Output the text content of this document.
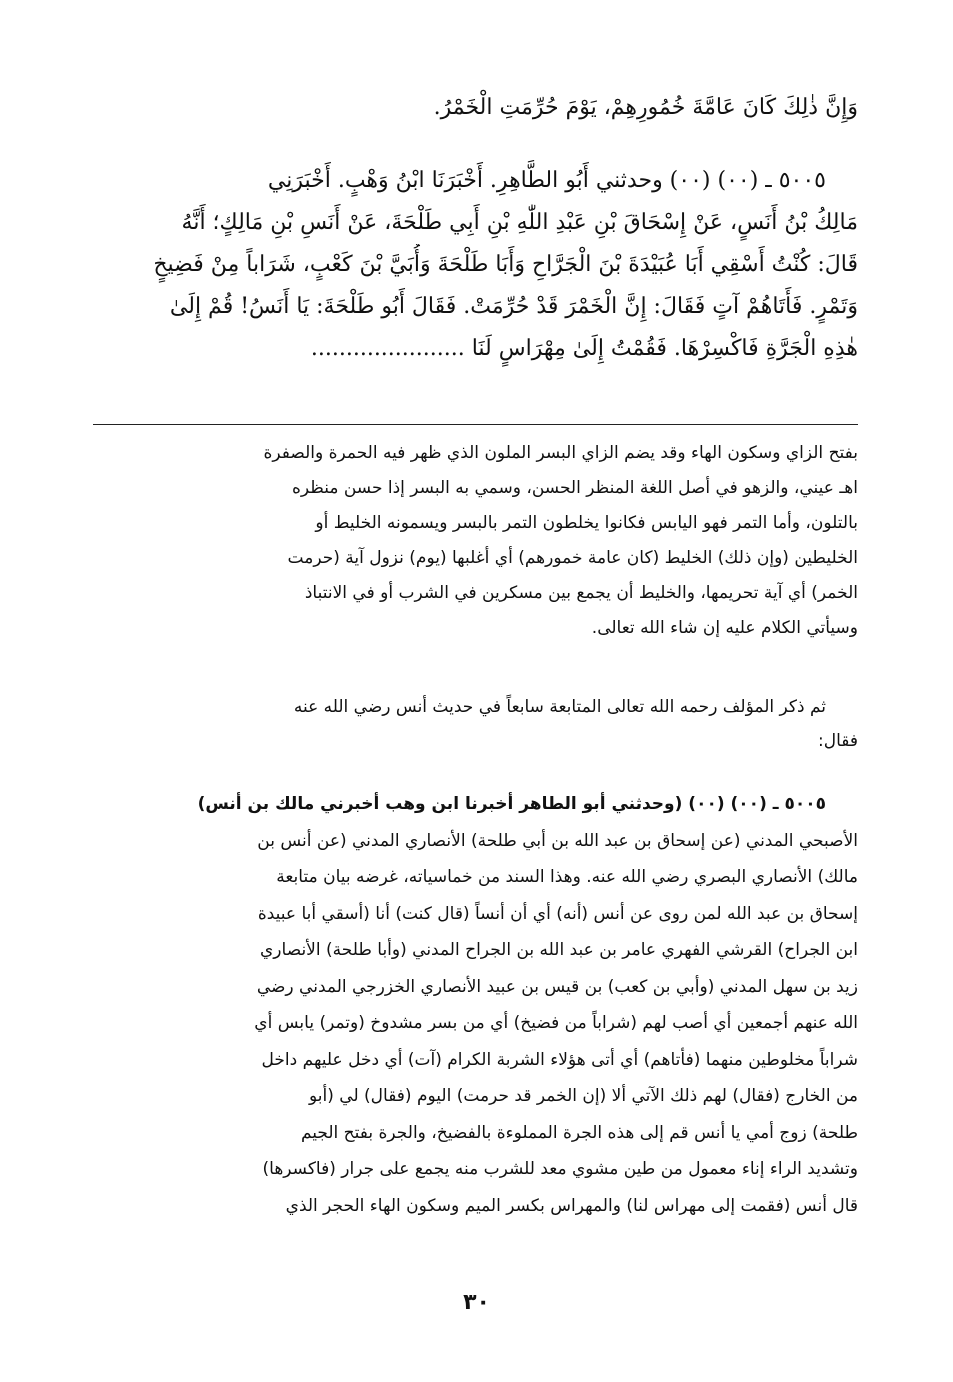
وَإِنَّ ذٰلِكَ كَانَ عَامَّةَ خُمُورِهِمْ، يَوْمَ حُرِّمَتِ الْخَمْرُ.
٥٠٠٥ ـ (٠٠) (٠٠) وحدثني أَبُو الطَّاهِرِ. أَخْبَرَنَا ابْنُ وَهْبٍ. أَخْبَرَنِي
مَالِكُ بْنُ أَنَسٍ، عَنْ إِسْحَاقَ بْنِ عَبْدِ اللّٰهِ بْنِ أَبِي طَلْحَةَ، عَنْ أَنَسِ بْنِ مَالِكٍ؛ أَنَّهُ
قَالَ: كُنْتُ أَسْقِي أَبَا عُبَيْدَةَ بْنَ الْجَرَّاحِ وَأَبَا طَلْحَةَ وَأُبَيَّ بْنَ كَعْبٍ، شَرَاباً مِنْ فَضِيخٍ
وَتَمْرٍ. فَأَتَاهُمْ آتٍ فَقَالَ: إِنَّ الْخَمْرَ قَدْ حُرِّمَتْ. فَقَالَ أَبُو طَلْحَةَ: يَا أَنَسُ! قُمْ إِلَىٰ
هٰذِهِ الْجَرَّةِ فَاكْسِرْهَا. فَقُمْتُ إِلَىٰ مِهْرَاسٍ لَنَا ......................
بفتح الزاي وسكون الهاء وقد يضم الزاي البسر الملون الذي ظهر فيه الحمرة والصفرة
اهـ عيني، والزهو في أصل اللغة المنظر الحسن، وسمي به البسر إذا حسن منظره
بالتلون، وأما التمر فهو اليابس فكانوا يخلطون التمر بالبسر ويسمونه الخليط أو
الخليطين (وإن ذلك) الخليط (كان عامة خمورهم) أي أغلبها (يوم) نزول آية (حرمت
الخمر) أي آية تحريمها، والخليط أن يجمع بين مسكرين في الشرب أو في الانتباذ
وسيأتي الكلام عليه إن شاء الله تعالى.
ثم ذكر المؤلف رحمه الله تعالى المتابعة سابعاً في حديث أنس رضي الله عنه
فقال:
٥٠٠٥ ـ (٠٠) (٠٠) (وحدثني أبو الطاهر أخبرنا ابن وهب أخبرني مالك بن أنس)
الأصبحي المدني (عن إسحاق بن عبد الله بن أبي طلحة) الأنصاري المدني (عن أنس بن
مالك) الأنصاري البصري رضي الله عنه. وهذا السند من خماسياته، غرضه بيان متابعة
إسحاق بن عبد الله لمن روى عن أنس (أنه) أي أن أنساً (قال كنت) أنا (أسقي أبا عبيدة
ابن الجراح) القرشي الفهري عامر بن عبد الله بن الجراح المدني (وأبا طلحة) الأنصاري
زيد بن سهل المدني (وأبي بن كعب) بن قيس بن عبيد الأنصاري الخزرجي المدني رضي
الله عنهم أجمعين أي أصب لهم (شراباً من فضيخ) أي من بسر مشدوخ (وتمر) يابس أي
شراباً مخلوطين منهما (فأتاهم) أي أتى هؤلاء الشربة الكرام (آت) أي دخل عليهم داخل
من الخارج (فقال) لهم ذلك الآتي ألا (إن الخمر قد حرمت) اليوم (فقال) لي (أبو
طلحة) زوج أمي يا أنس قم إلى هذه الجرة المملوءة بالفضيخ، والجرة بفتح الجيم
وتشديد الراء إناء معمول من طين مشوي معد للشرب منه يجمع على جرار (فاكسرها)
قال أنس (فقمت إلى مهراس لنا) والمهراس بكسر الميم وسكون الهاء الحجر الذي
٣٠
